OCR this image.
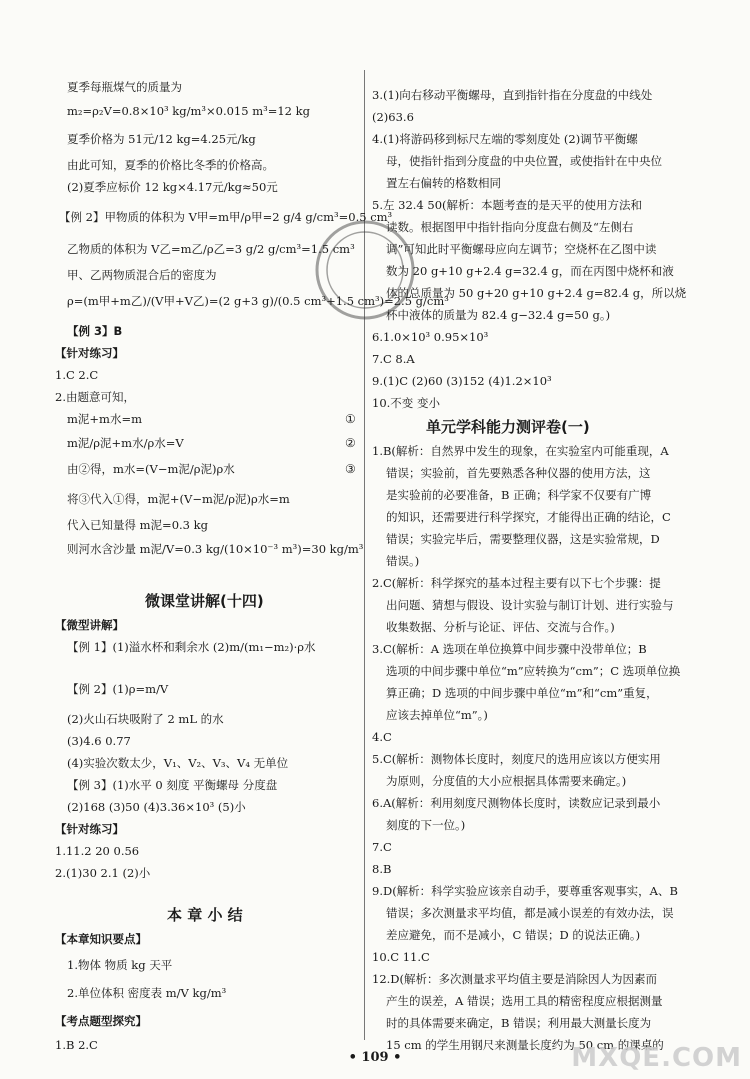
夏季每瓶煤气的质量为
m₂=ρ₂V=0.8×10³ kg/m³×0.015 m³=12 kg
夏季价格为 51元/12 kg=4.25元/kg
由此可知，夏季的价格比冬季的价格高。
(2)夏季应标价 12 kg×4.17元/kg≈50元
【例 2】甲物质的体积为 V甲=m甲/ρ甲=2 g/4 g/cm³=0.5 cm³
乙物质的体积为 V乙=m乙/ρ乙=3 g/2 g/cm³=1.5 cm³
甲、乙两物质混合后的密度为
ρ=(m甲+m乙)/(V甲+V乙)=(2 g+3 g)/(0.5 cm³+1.5 cm³)=2.5 g/cm³
【例 3】B
【针对练习】
1.C 2.C
2.由题意可知，
m泥+m水=m
m泥/ρ泥+m水/ρ水=V
由②得，m水=(V−m泥/ρ泥)ρ水
将③代入①得，m泥+(V−m泥/ρ泥)ρ水=m
代入已知量得 m泥=0.3 kg
则河水含沙量 m泥/V=0.3 kg/(10×10⁻³ m³)=30 kg/m³
①
②
③
微课堂讲解(十四)
【微型讲解】
【例 1】(1)溢水杯和剩余水 (2)m/(m₁−m₂)·ρ水
【例 2】(1)ρ=m/V
(2)火山石块吸附了 2 mL 的水
(3)4.6 0.77
(4)实验次数太少，V₁、V₂、V₃、V₄ 无单位
【例 3】(1)水平 0 刻度 平衡螺母 分度盘
(2)168 (3)50 (4)3.36×10³ (5)小
【针对练习】
1.11.2 20 0.56
2.(1)30 2.1 (2)小
本 章 小 结
【本章知识要点】
1.物体 物质 kg 天平
2.单位体积 密度表 m/V kg/m³
【考点题型探究】
1.B 2.C
3.(1)向右移动平衡螺母，直到指针指在分度盘的中线处
(2)63.6
4.(1)将游码移到标尺左端的零刻度处 (2)调节平衡螺
母，使指针指到分度盘的中央位置，或使指针在中央位
置左右偏转的格数相同
5.左 32.4 50(解析：本题考查的是天平的使用方法和
读数。根据图甲中指针指向分度盘右侧及“左侧右
调”可知此时平衡螺母应向左调节；空烧杯在乙图中读
数为 20 g+10 g+2.4 g=32.4 g，而在丙图中烧杯和液
体的总质量为 50 g+20 g+10 g+2.4 g=82.4 g，所以烧
杯中液体的质量为 82.4 g−32.4 g=50 g。)
6.1.0×10³ 0.95×10³
7.C 8.A
9.(1)C (2)60 (3)152 (4)1.2×10³
10.不变 变小
单元学科能力测评卷(一)
1.B(解析：自然界中发生的现象，在实验室内可能重现，A
错误；实验前，首先要熟悉各种仪器的使用方法，这
是实验前的必要准备，B 正确；科学家不仅要有广博
的知识，还需要进行科学探究，才能得出正确的结论，C
错误；实验完毕后，需要整理仪器，这是实验常规，D
错误。)
2.C(解析：科学探究的基本过程主要有以下七个步骤：提
出问题、猜想与假设、设计实验与制订计划、进行实验与
收集数据、分析与论证、评估、交流与合作。)
3.C(解析：A 选项在单位换算中间步骤中没带单位；B
选项的中间步骤中单位“m”应转换为“cm”；C 选项单位换
算正确；D 选项的中间步骤中单位“m”和“cm”重复，
应该去掉单位“m”。)
4.C
5.C(解析：测物体长度时，刻度尺的选用应该以方便实用
为原则，分度值的大小应根据具体需要来确定。)
6.A(解析：利用刻度尺测物体长度时，读数应记录到最小
刻度的下一位。)
7.C
8.B
9.D(解析：科学实验应该亲自动手，要尊重客观事实，A、B
错误；多次测量求平均值，都是减小误差的有效办法，误
差应避免，而不是减小，C 错误；D 的说法正确。)
10.C 11.C
12.D(解析：多次测量求平均值主要是消除因人为因素而
产生的误差，A 错误；选用工具的精密程度应根据测量
时的具体需要来确定，B 错误；利用最大测量长度为
15 cm 的学生用钢尺来测量长度约为 50 cm 的课桌的
• 109 •	MXQE.COM
